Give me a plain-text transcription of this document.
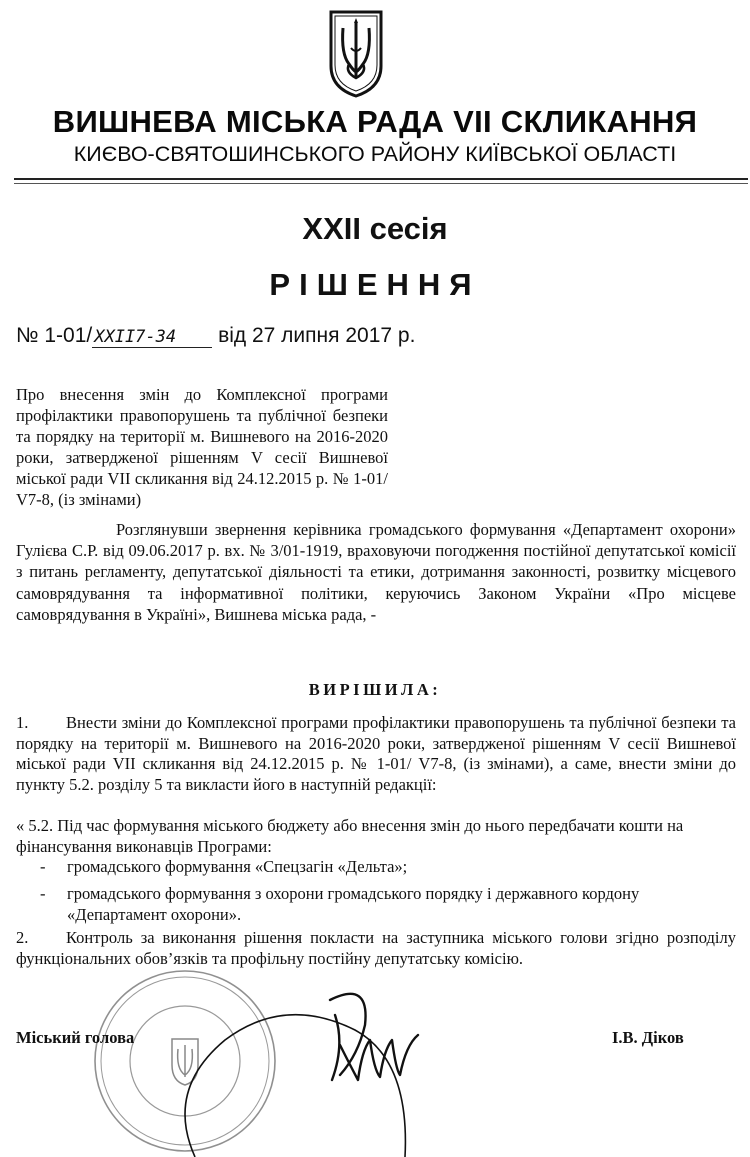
ВИШНЕВА МІСЬКА РАДА VII СКЛИКАННЯ
КИЄВО-СВЯТОШИНСЬКОГО РАЙОНУ КИЇВСЬКОЇ ОБЛАСТІ
XXII сесія
РІШЕННЯ
№ 1-01/ XXII7-34 від 27 липня 2017 р.
Про внесення змін до Комплексної програми профілактики правопорушень та публічної безпеки та порядку на території м. Вишневого на 2016-2020 роки, затвердженої рішенням V сесії Вишневої міської ради VII скликання від 24.12.2015 р. № 1-01/ V7-8, (із змінами)
Розглянувши звернення керівника громадського формування «Департамент охорони» Гулієва С.Р. від 09.06.2017 р. вх. № 3/01-1919, враховуючи погодження постійної депутатської комісії з питань регламенту, депутатської діяльності та етики, дотримання законності, розвитку місцевого самоврядування та інформативної політики, керуючись Законом України «Про місцеве самоврядування в Україні», Вишнева міська рада, -
ВИРІШИЛА:
1. Внести зміни до Комплексної програми профілактики правопорушень та публічної безпеки та порядку на території м. Вишневого на 2016-2020 роки, затвердженої рішенням V сесії Вишневої міської ради VII скликання від 24.12.2015 р. № 1-01/ V7-8, (із змінами), а саме, внести зміни до пункту 5.2. розділу 5 та викласти його в наступній редакції:
« 5.2. Під час формування міського бюджету або внесення змін до нього передбачати кошти на фінансування виконавців Програми:
- громадського формування «Спецзагін «Дельта»;
- громадського формування з охорони громадського порядку і державного кордону «Департамент охорони».
2. Контроль за виконання рішення покласти на заступника міського голови згідно розподілу функціональних обов’язків та профільну постійну депутатську комісію.
Міський голова	І.В. Діков
